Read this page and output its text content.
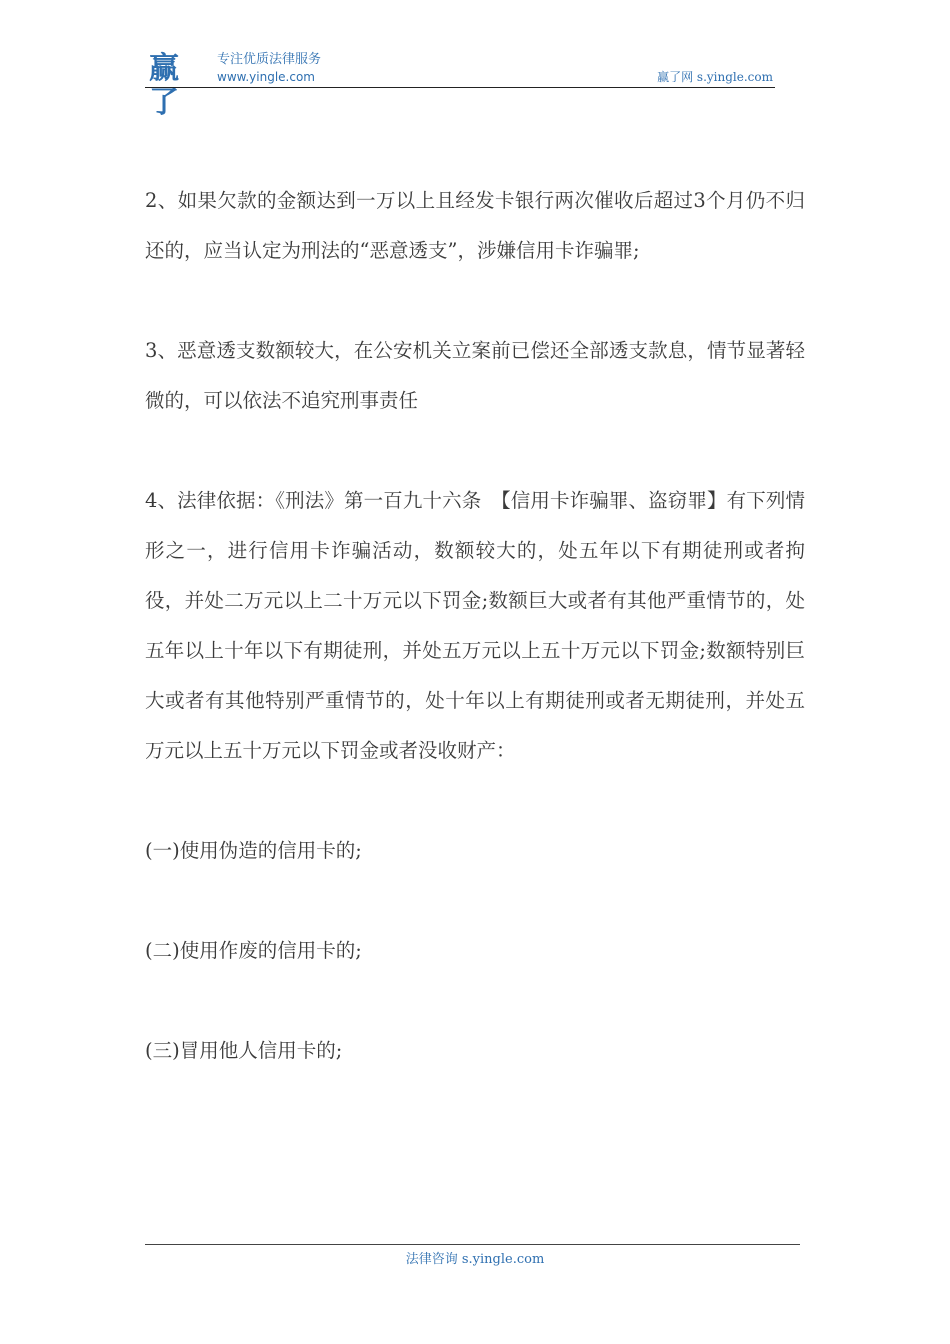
赢了
专注优质法律服务
www.yingle.com	赢了网 s.yingle.com

2、如果欠款的金额达到一万以上且经发卡银行两次催收后超过3个月仍不归还的，应当认定为刑法的“恶意透支”，涉嫌信用卡诈骗罪;

3、恶意透支数额较大，在公安机关立案前已偿还全部透支款息，情节显著轻微的，可以依法不追究刑事责任

4、法律依据：《刑法》第一百九十六条　【信用卡诈骗罪、盗窃罪】有下列情形之一，进行信用卡诈骗活动，数额较大的，处五年以下有期徒刑或者拘役，并处二万元以上二十万元以下罚金;数额巨大或者有其他严重情节的，处五年以上十年以下有期徒刑，并处五万元以上五十万元以下罚金;数额特别巨大或者有其他特别严重情节的，处十年以上有期徒刑或者无期徒刑，并处五万元以上五十万元以下罚金或者没收财产：

(一)使用伪造的信用卡的;

(二)使用作废的信用卡的;

(三)冒用他人信用卡的;

法律咨询 s.yingle.com
